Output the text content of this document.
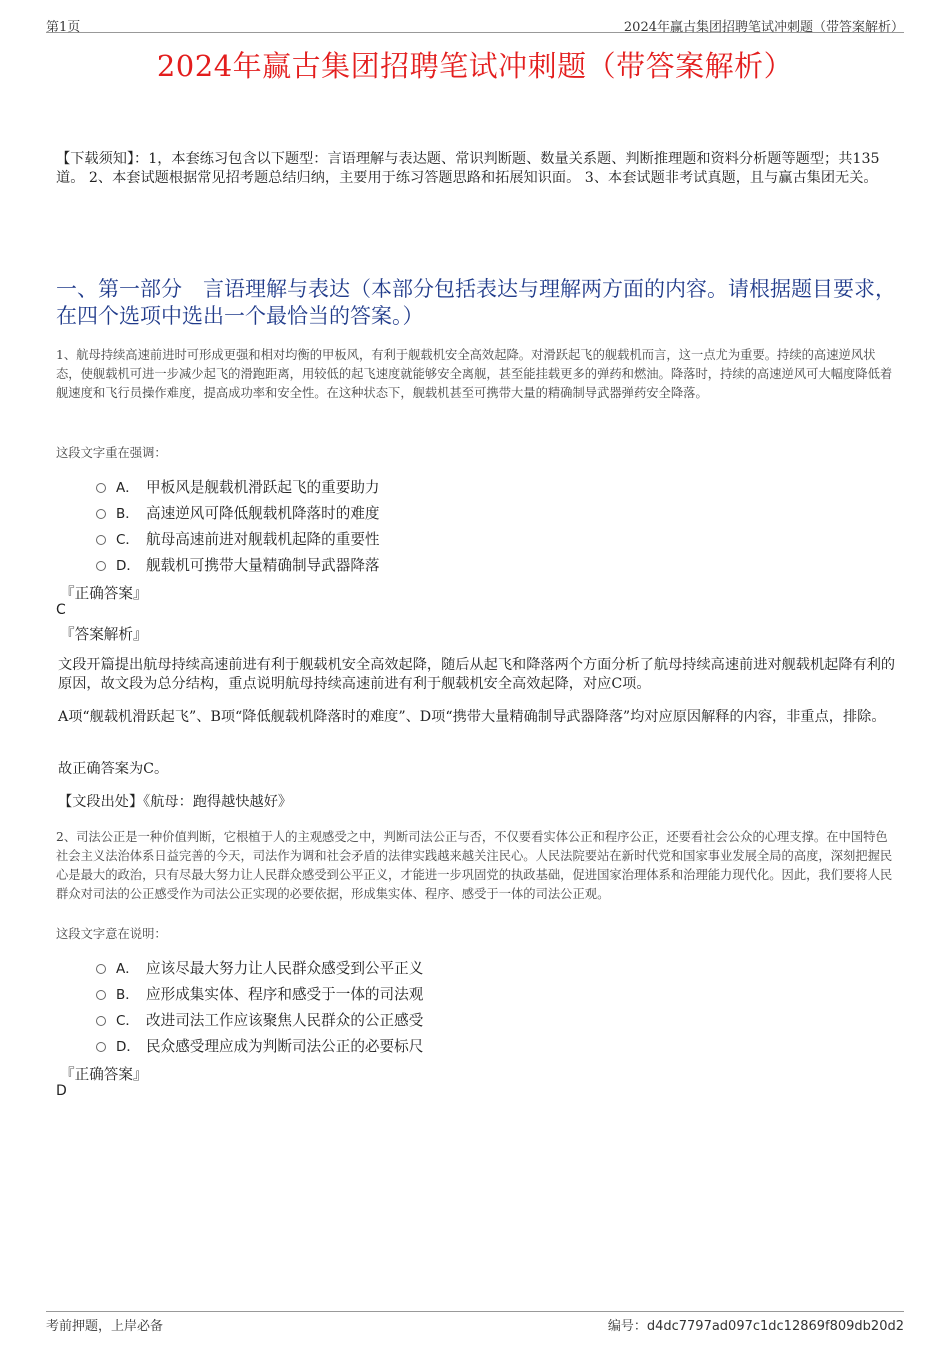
第1页	2024年赢古集团招聘笔试冲刺题（带答案解析）
2024年赢古集团招聘笔试冲刺题（带答案解析）
【下载须知】：1，本套练习包含以下题型：言语理解与表达题、常识判断题、数量关系题、判断推理题和资料分析题等题型；共135道。 2、本套试题根据常见招考题总结归纳，主要用于练习答题思路和拓展知识面。 3、本套试题非考试真题，且与赢古集团无关。
一、第一部分　言语理解与表达（本部分包括表达与理解两方面的内容。请根据题目要求，在四个选项中选出一个最恰当的答案。）
1、航母持续高速前进时可形成更强和相对均衡的甲板风，有利于舰载机安全高效起降。对滑跃起飞的舰载机而言，这一点尤为重要。持续的高速逆风状态，使舰载机可进一步减少起飞的滑跑距离，用较低的起飞速度就能够安全离舰，甚至能挂载更多的弹药和燃油。降落时，持续的高速逆风可大幅度降低着舰速度和飞行员操作难度，提高成功率和安全性。在这种状态下，舰载机甚至可携带大量的精确制导武器弹药安全降落。
这段文字重在强调：
A． 甲板风是舰载机滑跃起飞的重要助力
B． 高速逆风可降低舰载机降落时的难度
C． 航母高速前进对舰载机起降的重要性
D． 舰载机可携带大量精确制导武器降落
『正确答案』
C
『答案解析』
文段开篇提出航母持续高速前进有利于舰载机安全高效起降，随后从起飞和降落两个方面分析了航母持续高速前进对舰载机起降有利的原因，故文段为总分结构，重点说明航母持续高速前进有利于舰载机安全高效起降，对应C项。
A项“舰载机滑跃起飞”、B项“降低舰载机降落时的难度”、D项“携带大量精确制导武器降落”均对应原因解释的内容，非重点，排除。
故正确答案为C。
【文段出处】《航母：跑得越快越好》
2、司法公正是一种价值判断，它根植于人的主观感受之中，判断司法公正与否，不仅要看实体公正和程序公正，还要看社会公众的心理支撑。在中国特色社会主义法治体系日益完善的今天，司法作为调和社会矛盾的法律实践越来越关注民心。人民法院要站在新时代党和国家事业发展全局的高度，深刻把握民心是最大的政治，只有尽最大努力让人民群众感受到公平正义，才能进一步巩固党的执政基础，促进国家治理体系和治理能力现代化。因此，我们要将人民群众对司法的公正感受作为司法公正实现的必要依据，形成集实体、程序、感受于一体的司法公正观。
这段文字意在说明：
A． 应该尽最大努力让人民群众感受到公平正义
B． 应形成集实体、程序和感受于一体的司法观
C． 改进司法工作应该聚焦人民群众的公正感受
D． 民众感受理应成为判断司法公正的必要标尺
『正确答案』
D
考前押题，上岸必备	编号：d4dc7797ad097c1dc12869f809db20d2
